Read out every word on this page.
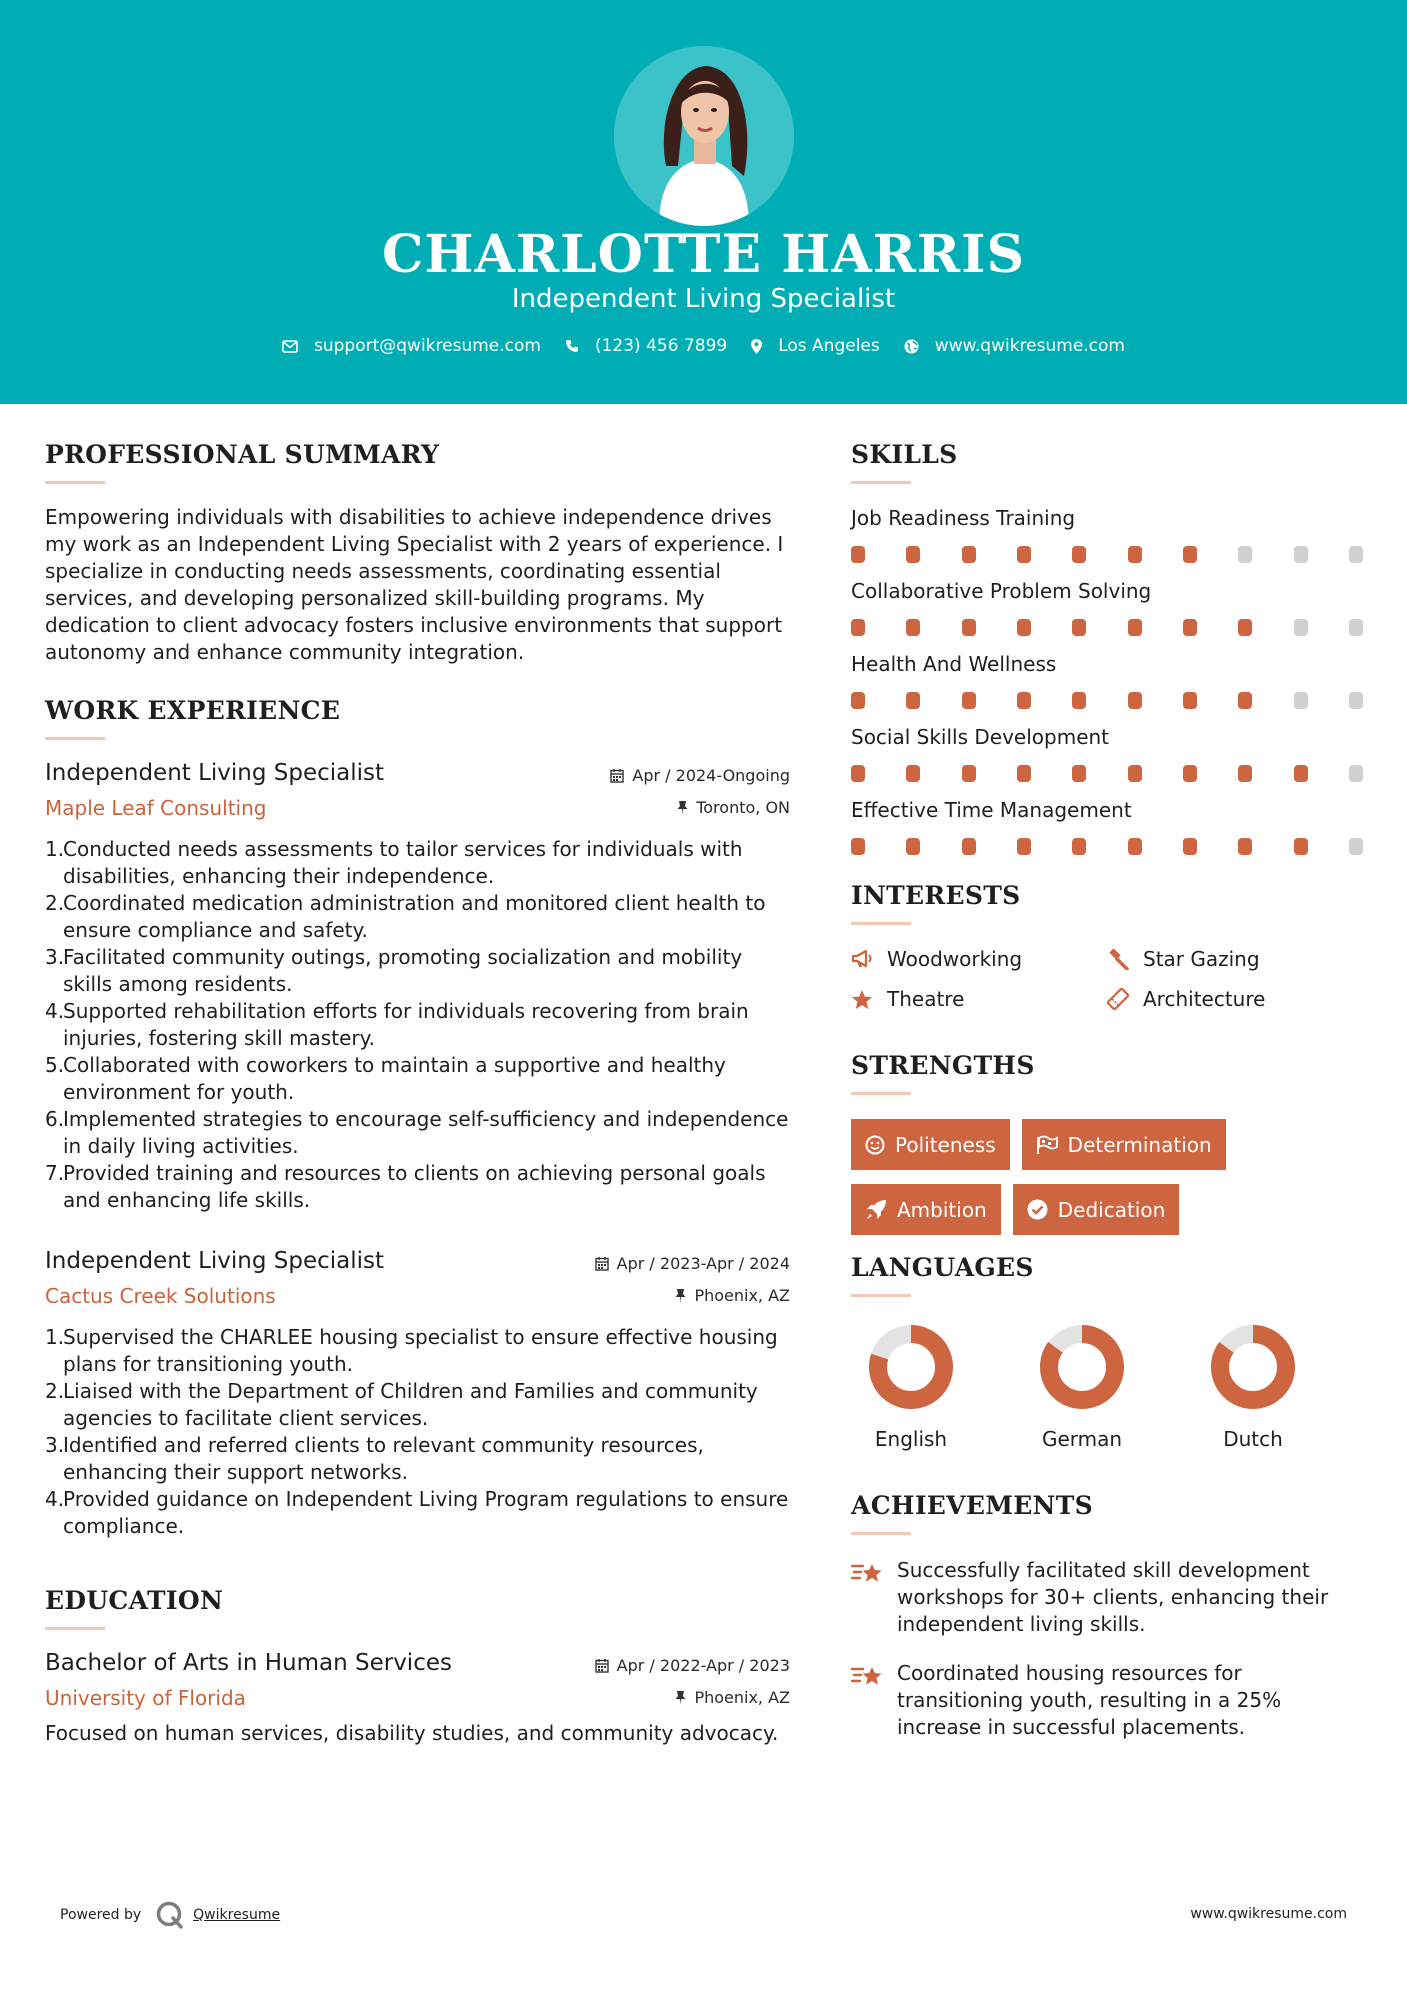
CHARLOTTE HARRIS
Independent Living Specialist
support@qwikresume.com	(123) 456 7899	Los Angeles	www.qwikresume.com
PROFESSIONAL SUMMARY

Empowering individuals with disabilities to achieve independence drives my work as an Independent Living Specialist with 2 years of experience. I specialize in conducting needs assessments, coordinating essential services, and developing personalized skill-building programs. My dedication to client advocacy fosters inclusive environments that support autonomy and enhance community integration.

WORK EXPERIENCE
Apr / 2024-Ongoing
Toronto, ON
Independent Living Specialist
Maple Leaf Consulting
Conducted needs assessments to tailor services for individuals with disabilities, enhancing their independence.
Coordinated medication administration and monitored client health to ensure compliance and safety.
Facilitated community outings, promoting socialization and mobility skills among residents.
Supported rehabilitation efforts for individuals recovering from brain injuries, fostering skill mastery.
Collaborated with coworkers to maintain a supportive and healthy environment for youth.
Implemented strategies to encourage self-sufficiency and independence in daily living activities.
Provided training and resources to clients on achieving personal goals and enhancing life skills.
Apr / 2023-Apr / 2024
Phoenix, AZ
Independent Living Specialist
Cactus Creek Solutions
Supervised the CHARLEE housing specialist to ensure effective housing plans for transitioning youth.
Liaised with the Department of Children and Families and community agencies to facilitate client services.
Identified and referred clients to relevant community resources, enhancing their support networks.
Provided guidance on Independent Living Program regulations to ensure compliance.
EDUCATION
Apr / 2022-Apr / 2023
Phoenix, AZ
Bachelor of Arts in Human Services
University of Florida

Focused on human services, disability studies, and community advocacy.

SKILLS
Job Readiness Training
Collaborative Problem Solving
Health And Wellness
Social Skills Development
Effective Time Management
INTERESTS
Woodworking	Star Gazing
Theatre	Architecture
STRENGTHS
Politeness	Determination
Ambition	Dedication
LANGUAGES
English	German	Dutch
ACHIEVEMENTS

Successfully facilitated skill development workshops for 30+ clients, enhancing their independent living skills.

Coordinated housing resources for transitioning youth, resulting in a 25% increase in successful placements.

Powered by	Qwikresume	www.qwikresume.com
